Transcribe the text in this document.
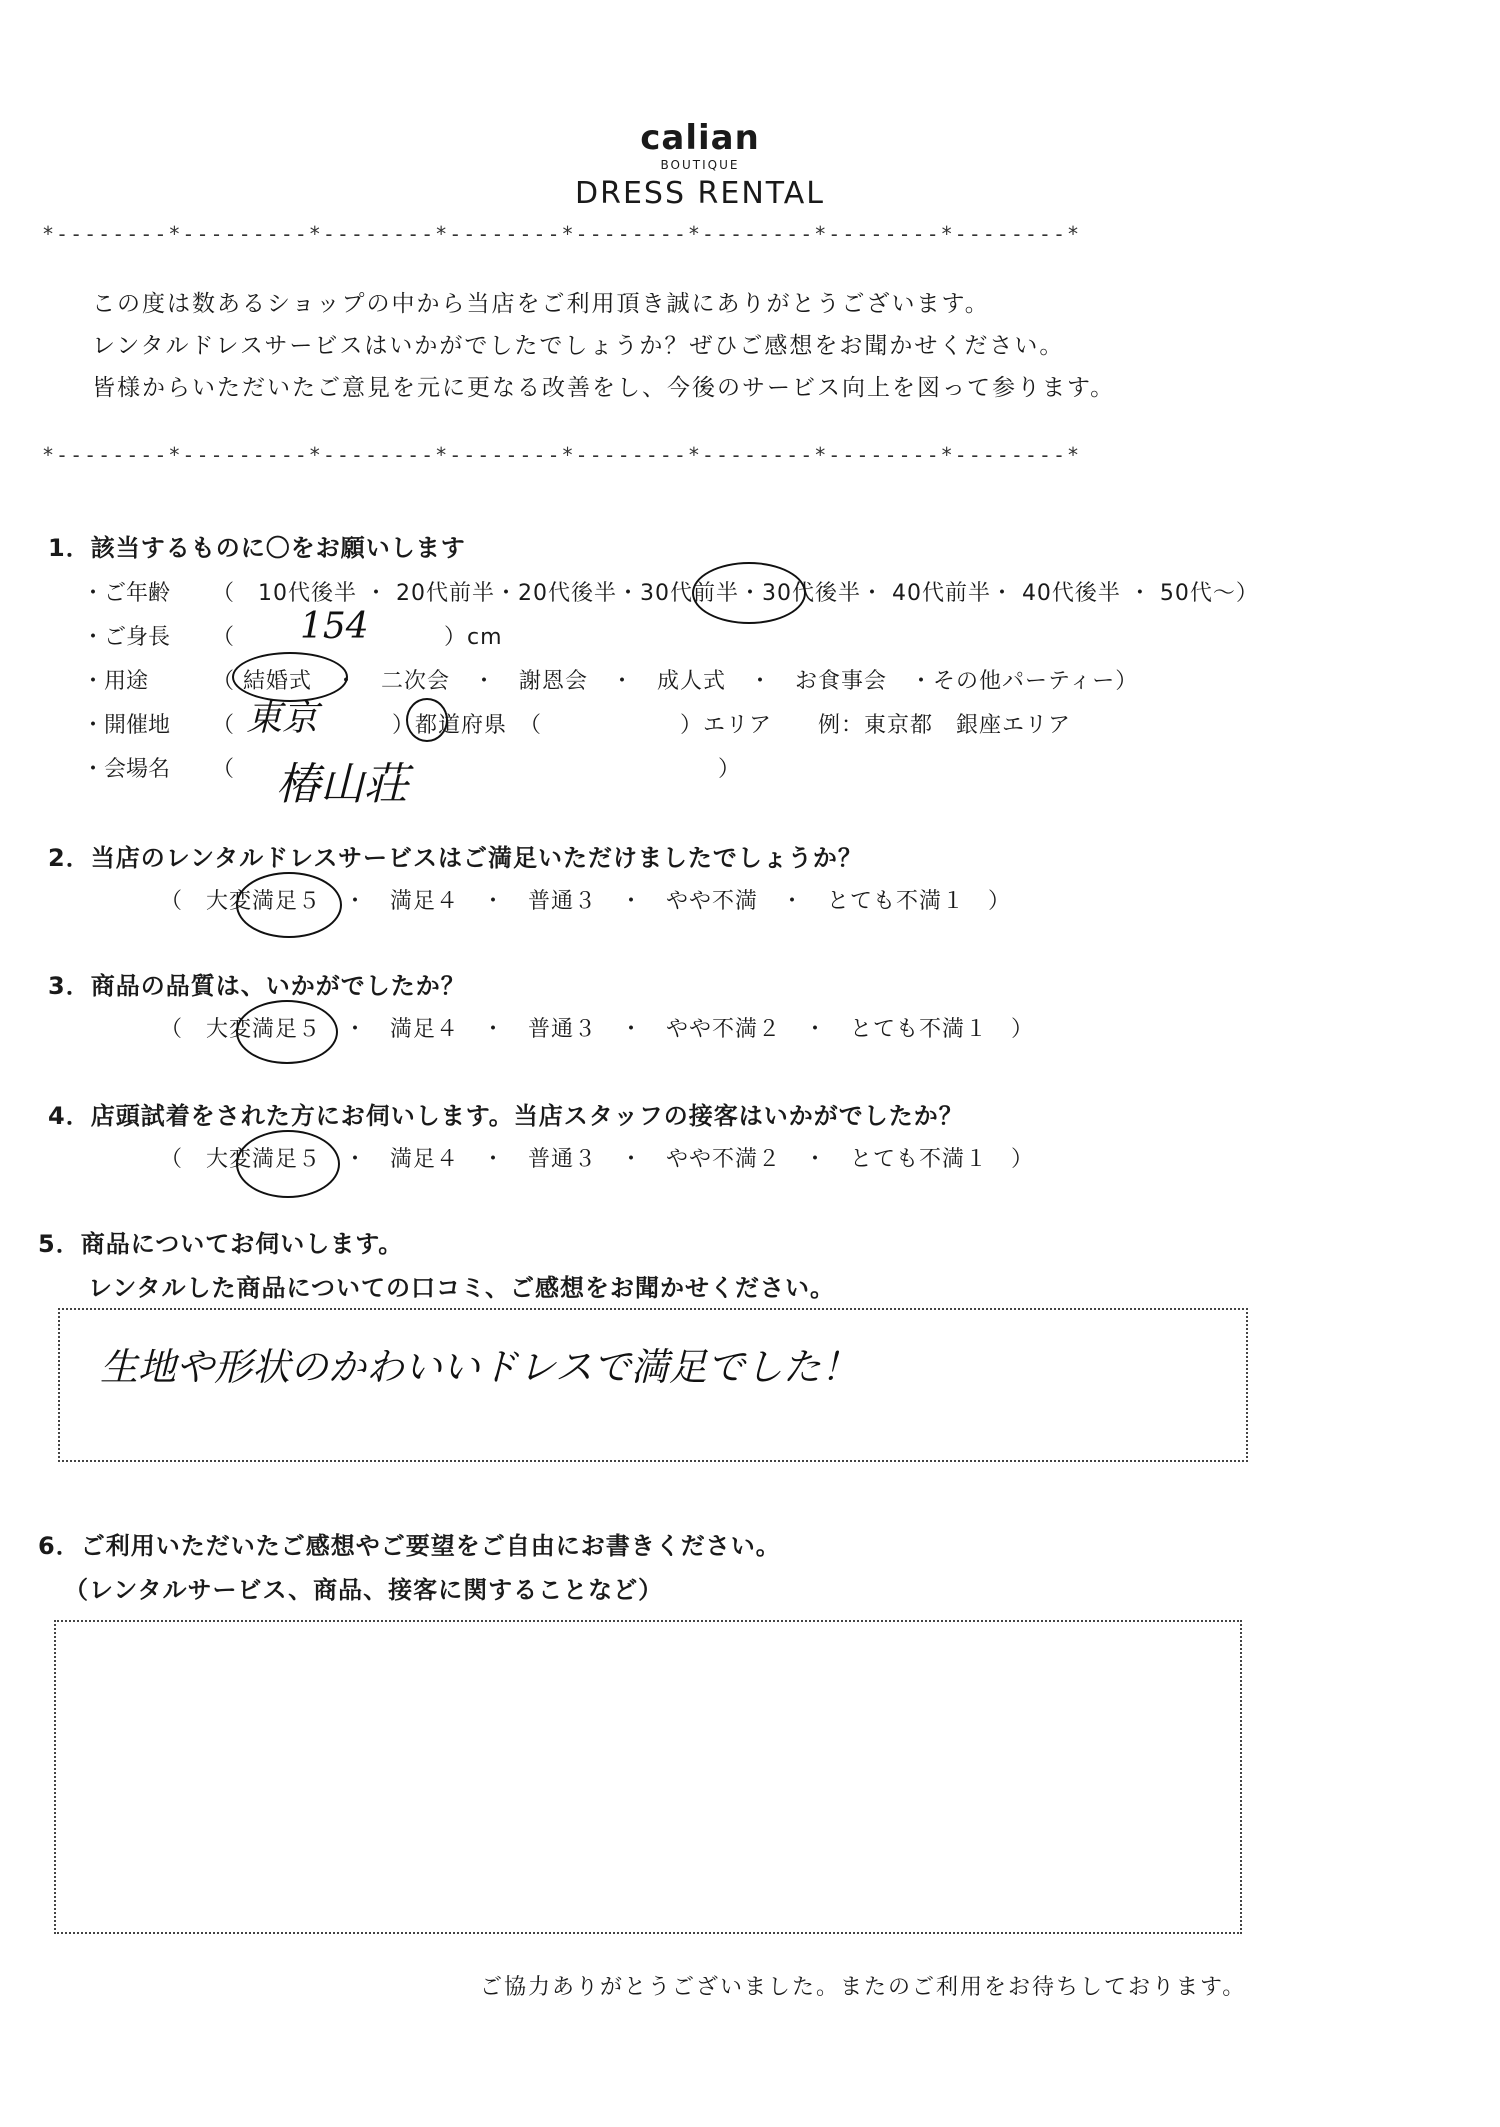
calian
BOUTIQUE
DRESS RENTAL
*--------*---------*--------*--------*--------*--------*--------*--------*
この度は数あるショップの中から当店をご利用頂き誠にありがとうございます。
レンタルドレスサービスはいかがでしたでしょうか？ぜひご感想をお聞かせください。
皆様からいただいたご意見を元に更なる改善をし、今後のサービス向上を図って参ります。
*--------*---------*--------*--------*--------*--------*--------*--------*
1．該当するものに〇をお願いします
・ご年齢 （　10代後半 ・ 20代前半・20代後半・30代前半・30代後半・ 40代前半・ 40代後半 ・ 50代～）
・ご身長 （ 154	）cm
・用途	（ 結婚式　・　二次会　・　謝恩会　・　成人式　・　お食事会　・その他パーティー）
・開催地 （ 東京	）都道府県　（　　　　　　）エリア　　例：東京都　銀座エリア
・会場名 （ 椿山荘	）
2．当店のレンタルドレスサービスはご満足いただけましたでしょうか？
（　大変満足５　・　満足４　・　普通３　・　やや不満　・　とても不満１　）
3．商品の品質は、いかがでしたか？
（　大変満足５　・　満足４　・　普通３　・　やや不満２　・　とても不満１　）
4．店頭試着をされた方にお伺いします。当店スタッフの接客はいかがでしたか？
（　大変満足５　・　満足４　・　普通３　・　やや不満２　・　とても不満１　）
5．商品についてお伺いします。
レンタルした商品についての口コミ、ご感想をお聞かせください。
生地や形状のかわいいドレスで満足でした！
6．ご利用いただいたご感想やご要望をご自由にお書きください。
（レンタルサービス、商品、接客に関することなど）
ご協力ありがとうございました。またのご利用をお待ちしております。
